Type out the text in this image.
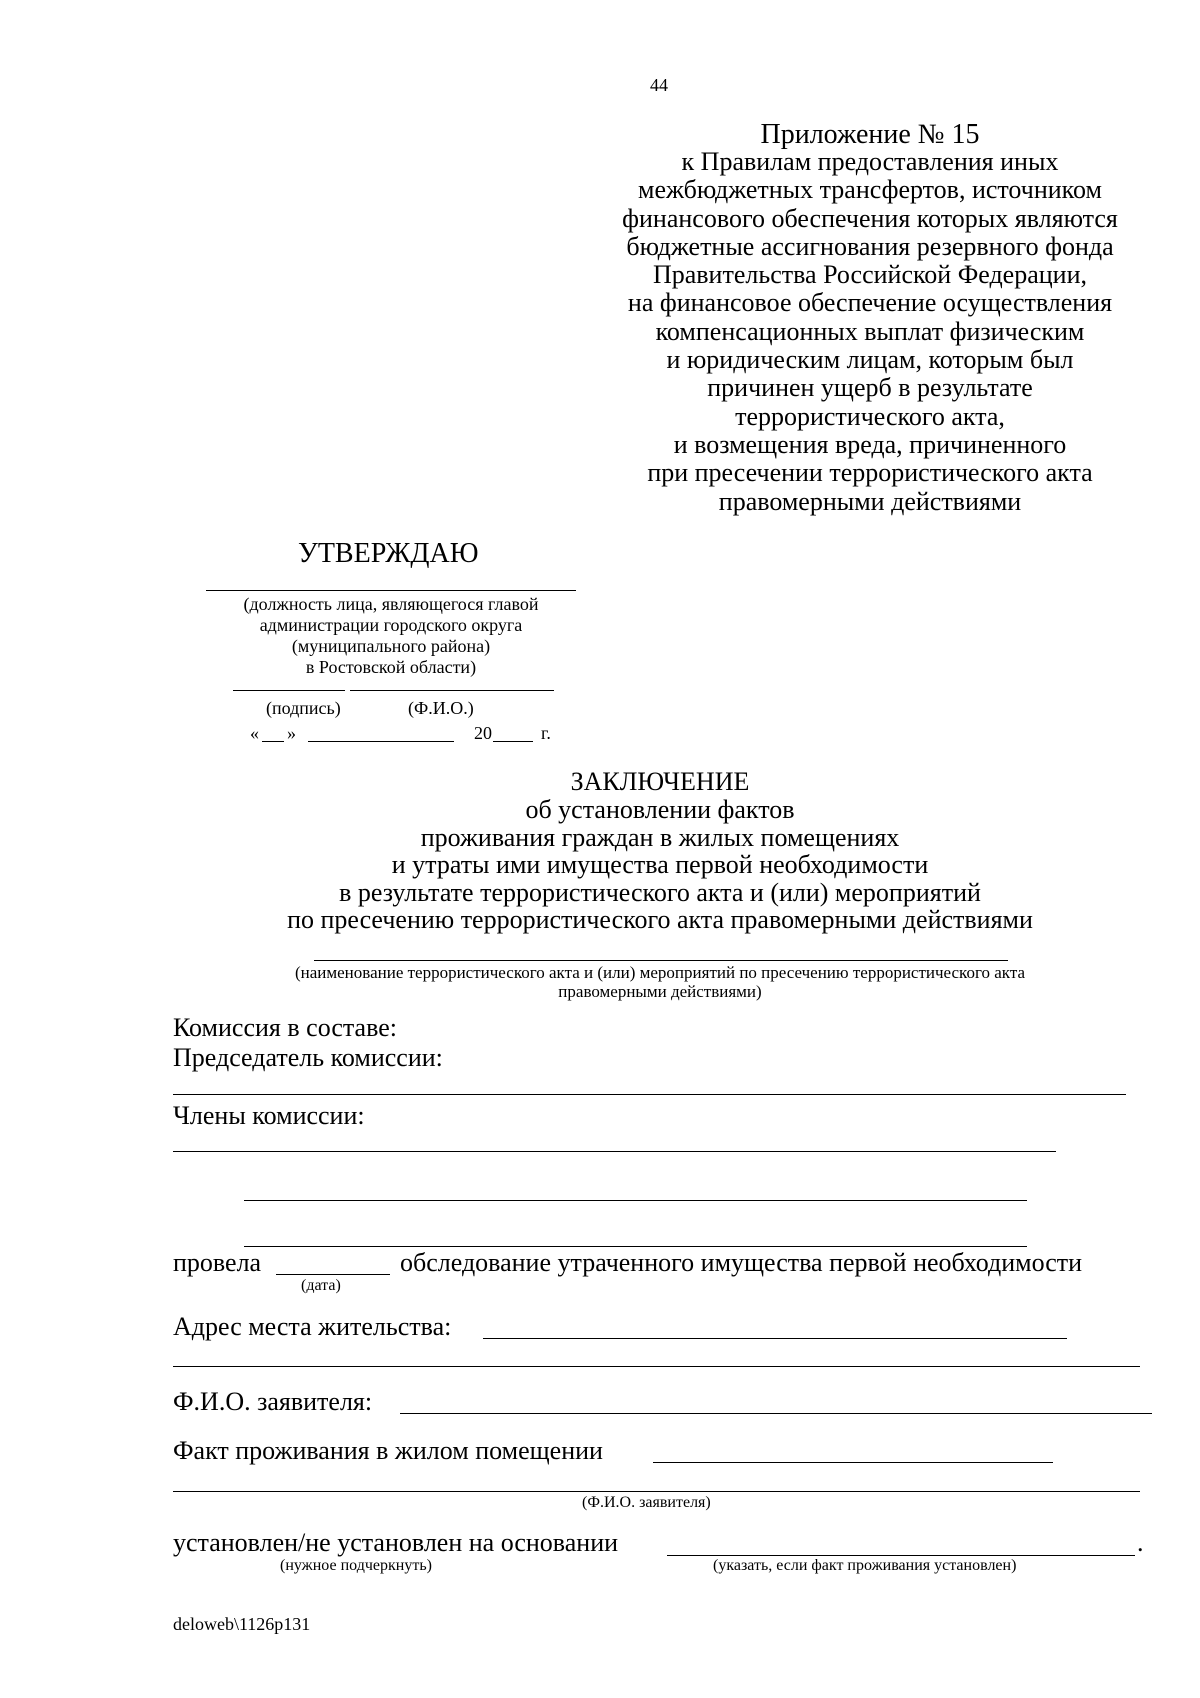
44
Приложение № 15
к Правилам предоставления иных
межбюджетных трансфертов, источником
финансового обеспечения которых являются
бюджетные ассигнования резервного фонда
Правительства Российской Федерации,
на финансовое обеспечение осуществления
компенсационных выплат физическим
и юридическим лицам, которым был
причинен ущерб в результате
террористического акта,
и возмещения вреда, причиненного
при пресечении террористического акта
правомерными действиями
УТВЕРЖДАЮ
(должность лица, являющегося главой
администрации городского округа
(муниципального района)
в Ростовской области)
(подпись)	(Ф.И.О.)
« »	20	г.
ЗАКЛЮЧЕНИЕ
об установлении фактов
проживания граждан в жилых помещениях
и утраты ими имущества первой необходимости
в результате террористического акта и (или) мероприятий
по пресечению террористического акта правомерными действиями
(наименование террористического акта и (или) мероприятий по пресечению террористического акта
правомерными действиями)
Комиссия в составе:
Председатель комиссии:
Члены комиссии:
провела
(дата)
обследование утраченного имущества первой необходимости
Адрес места жительства:
Ф.И.О. заявителя:
Факт проживания в жилом помещении
(Ф.И.О. заявителя)
установлен/не установлен на основании	.
(нужное подчеркнуть)	(указать, если факт проживания установлен)
deloweb\1126p131
